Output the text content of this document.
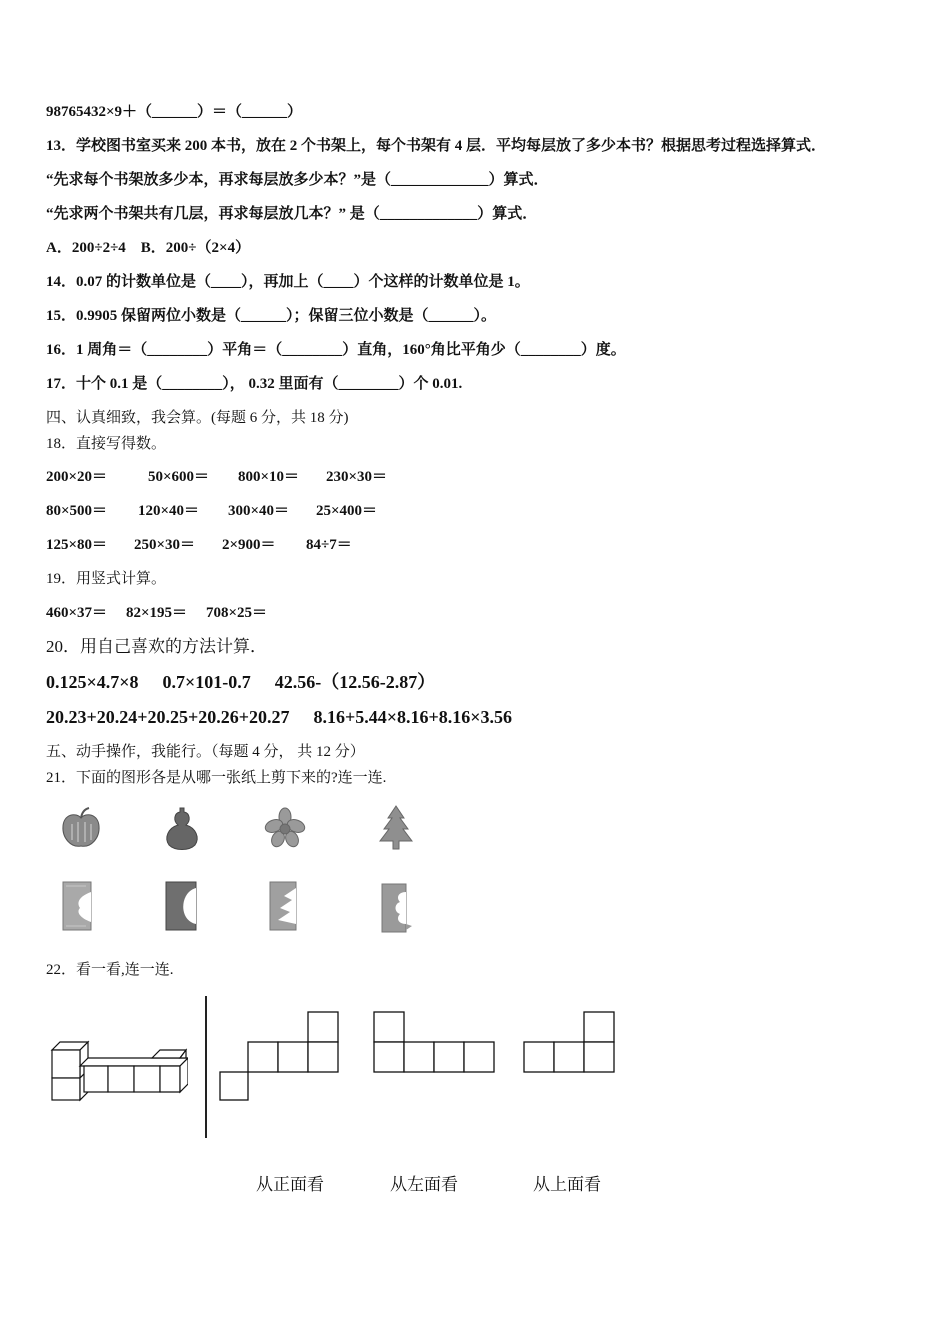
98765432×9＋（______）＝（______）
13．学校图书室买来 200 本书，放在 2 个书架上，每个书架有 4 层．平均每层放了多少本书？根据思考过程选择算式．
“先求每个书架放多少本，再求每层放多少本？”是（_____________）算式．
“先求两个书架共有几层，再求每层放几本？” 是（_____________）算式．
A．200÷2÷4　B．200÷（2×4）
14．0.07 的计数单位是（____），再加上（____）个这样的计数单位是 1。
15．0.9905 保留两位小数是（______）；保留三位小数是（______）。
16．1 周角＝（________）平角＝（________）直角，160°角比平角少（________）度。
17．十个 0.1 是（________）， 0.32 里面有（________）个 0.01.
四、认真细致，我会算。(每题 6 分，共 18 分)
18．直接写得数。
200×20＝	50×600＝ 800×10＝ 230×30＝
80×500＝ 120×40＝ 300×40＝ 25×400＝
125×80＝ 250×30＝ 2×900＝ 84÷7＝
19．用竖式计算。
460×37＝ 82×195＝ 708×25＝
20．用自己喜欢的方法计算．
0.125×4.7×8 0.7×101-0.7 42.56-（12.56-2.87）
20.23+20.24+20.25+20.26+20.27 8.16+5.44×8.16+8.16×3.56
五、动手操作，我能行。（每题 4 分， 共 12 分）
21．下面的图形各是从哪一张纸上剪下来的?连一连.
22．看一看,连一连.
从正面看	从左面看	从上面看
